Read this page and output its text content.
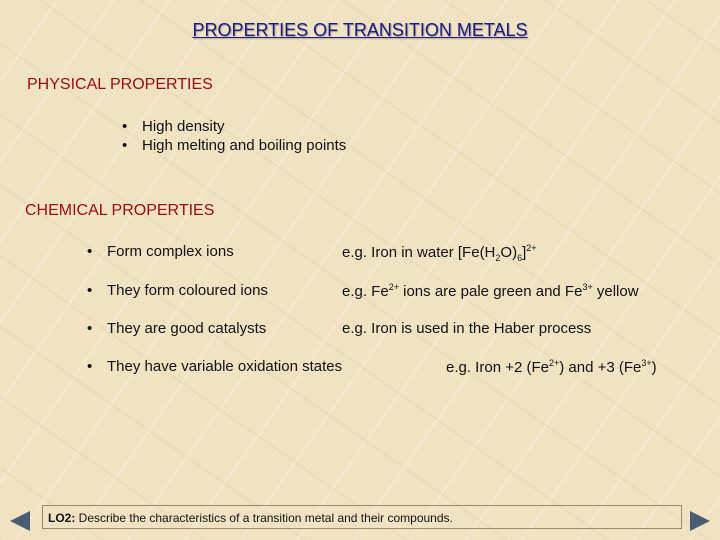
PROPERTIES OF TRANSITION METALS
PHYSICAL PROPERTIES
• High density
• High melting and boiling points
CHEMICAL PROPERTIES
• Form complex ions	e.g. Iron in water $[Fe(H_2O)_6]^{2+}$
• They form coloured ions	e.g. $Fe^{2+}$ ions are pale green and $Fe^{3+}$ yellow
• They are good catalysts	e.g. Iron is used in the Haber process
• They have variable oxidation states	e.g. Iron +2 $(Fe^{2+})$ and +3 $(Fe^{3+})$
LO2: Describe the characteristics of a transition metal and their compounds.
